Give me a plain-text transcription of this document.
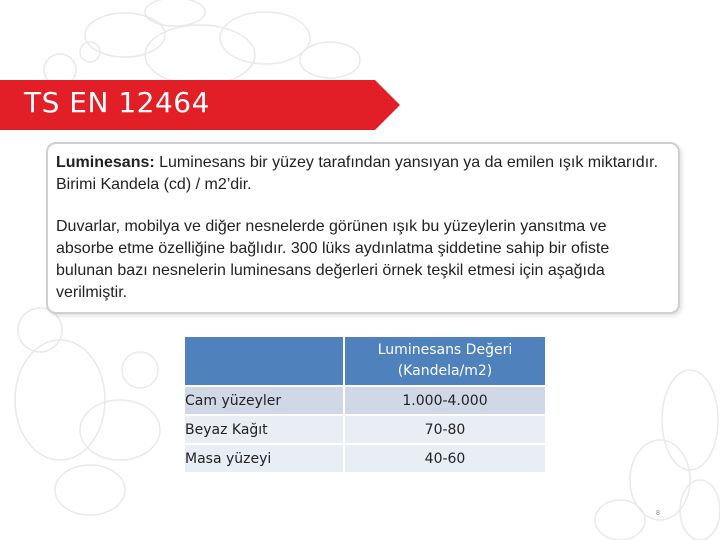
TS EN 12464

Luminesans: Luminesans bir yüzey tarafından yansıyan ya da emilen ışık miktarıdır. Birimi Kandela (cd) / m2’dir.

Duvarlar, mobilya ve diğer nesnelerde görünen ışık bu yüzeylerin yansıtma ve absorbe etme özelliğine bağlıdır. 300 lüks aydınlatma şiddetine sahip bir ofiste bulunan bazı nesnelerin luminesans değerleri örnek teşkil etmesi için aşağıda verilmiştir.

	Luminesans Değeri
(Kandela/m2)

Cam yüzeyler	1.000-4.000
Beyaz Kağıt	70-80
Masa yüzeyi	40-60
8
